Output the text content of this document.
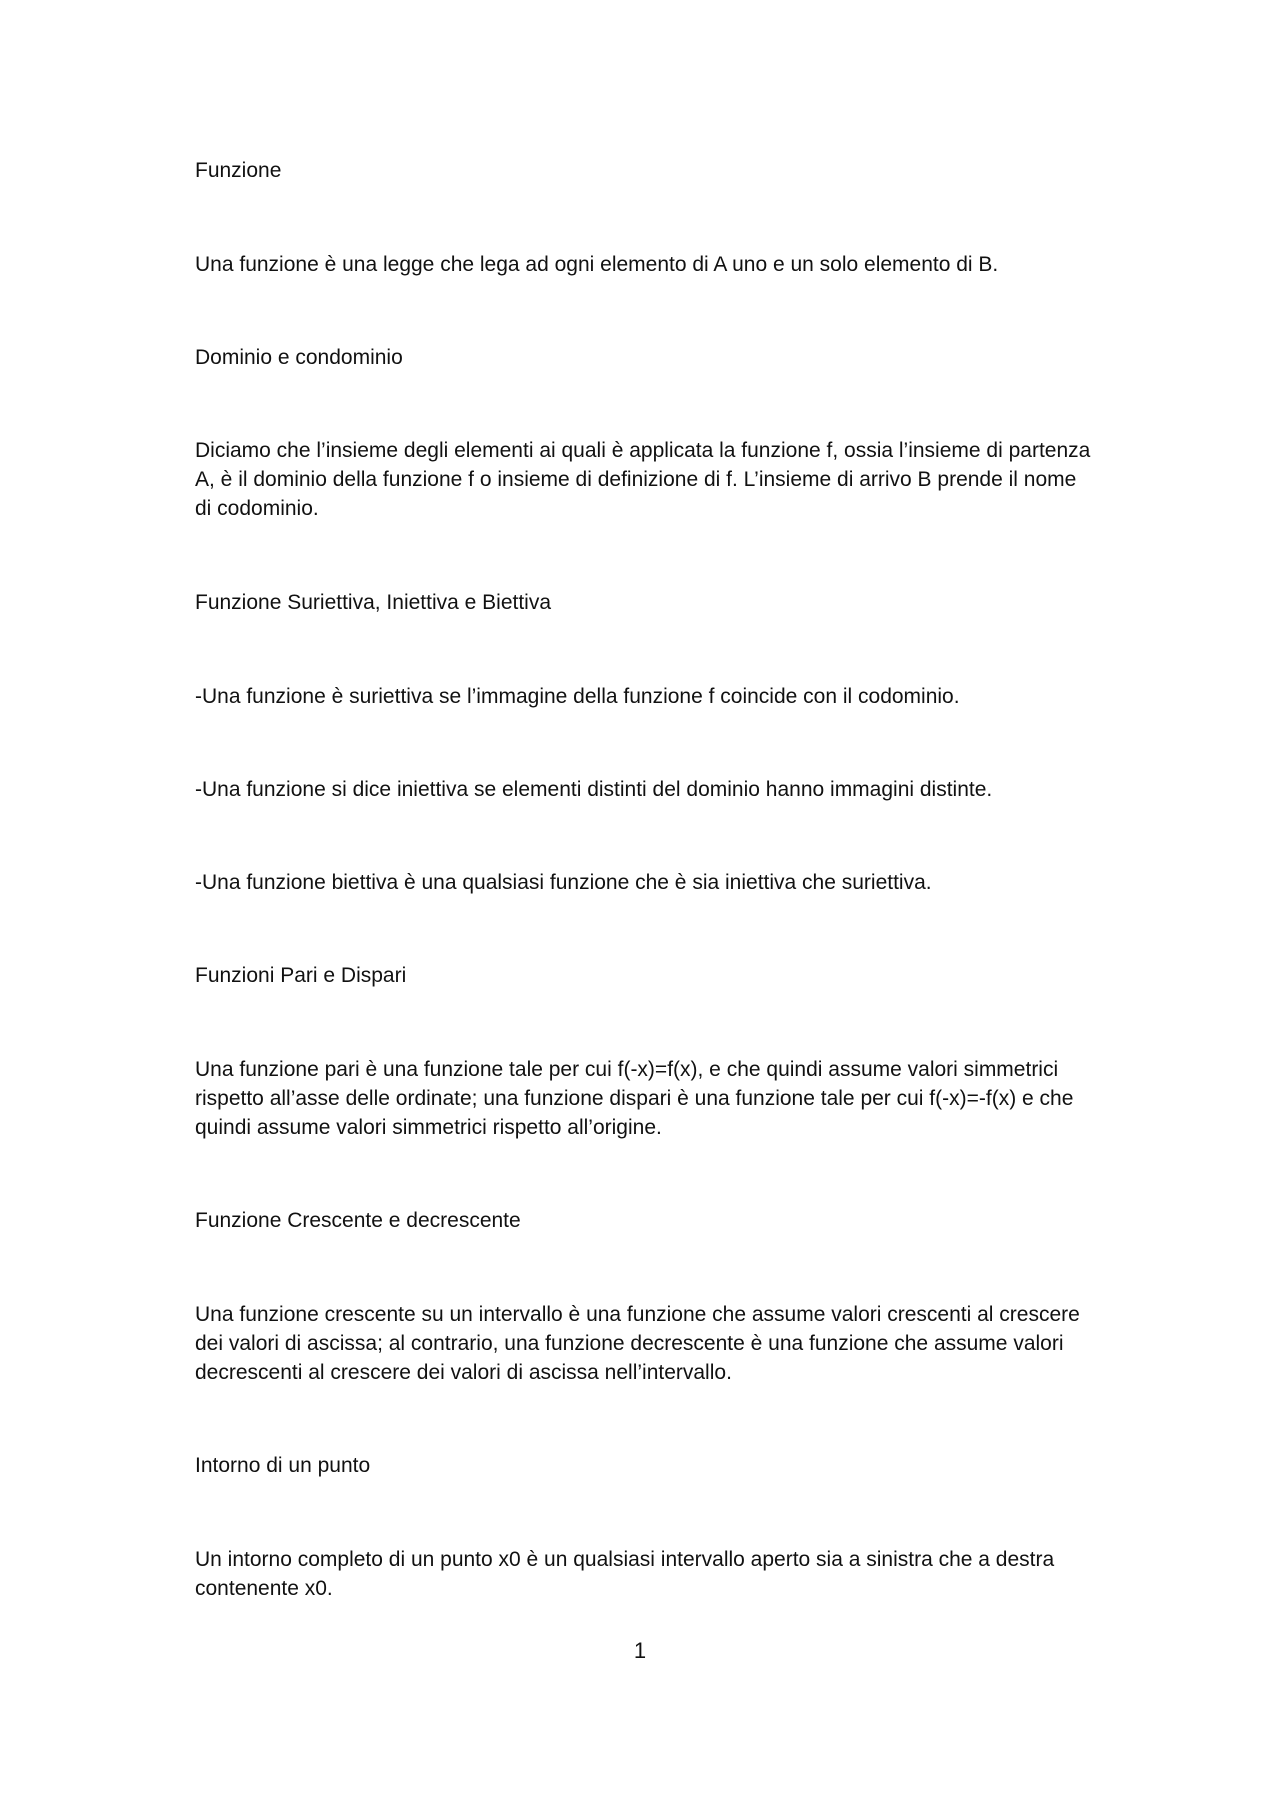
Funzione

Una funzione è una legge che lega ad ogni elemento di A uno e un solo elemento di B.

Dominio e condominio

Diciamo che l’insieme degli elementi ai quali è applicata la funzione f, ossia l’insieme di partenza A, è il dominio della funzione f o insieme di definizione di f. L’insieme di arrivo B prende il nome di codominio.

Funzione Suriettiva, Iniettiva e Biettiva

-Una funzione è suriettiva se l’immagine della funzione f coincide con il codominio.

-Una funzione si dice iniettiva se elementi distinti del dominio hanno immagini distinte.

-Una funzione biettiva è una qualsiasi funzione che è sia iniettiva che suriettiva.

Funzioni Pari e Dispari

Una funzione pari è una funzione tale per cui f(-x)=f(x), e che quindi assume valori simmetrici rispetto all’asse delle ordinate; una funzione dispari è una funzione tale per cui f(-x)=-f(x) e che quindi assume valori simmetrici rispetto all’origine.

Funzione Crescente e decrescente

Una funzione crescente su un intervallo è una funzione che assume valori crescenti al crescere dei valori di ascissa; al contrario, una funzione decrescente è una funzione che assume valori decrescenti al crescere dei valori di ascissa nell’intervallo.

Intorno di un punto

Un intorno completo di un punto x0 è un qualsiasi intervallo aperto sia a sinistra che a destra contenente x0.

1
